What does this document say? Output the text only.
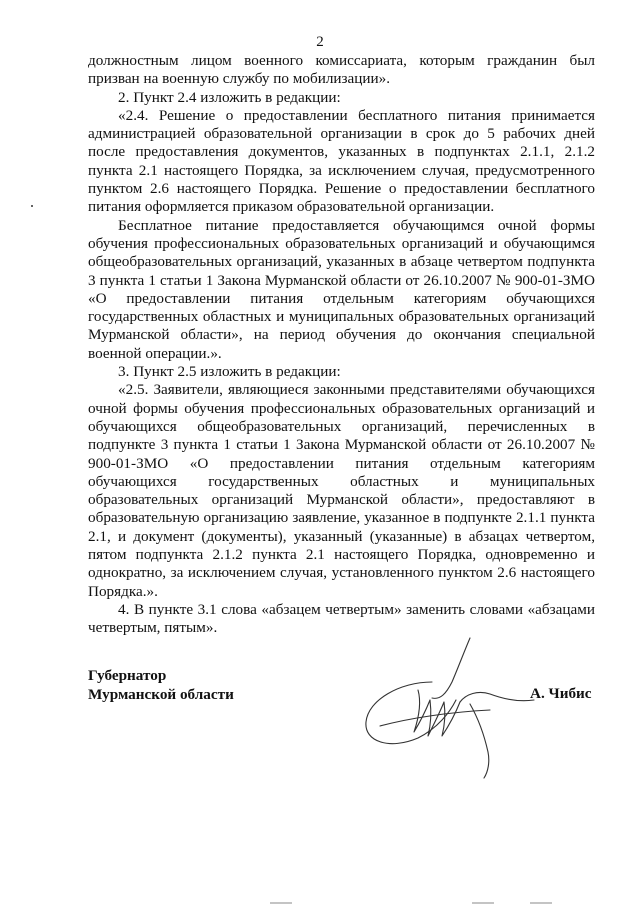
2

должностным лицом военного комиссариата, которым гражданин был призван на военную службу по мобилизации».

2. Пункт 2.4 изложить в редакции:

«2.4. Решение о предоставлении бесплатного питания принимается администрацией образовательной организации в срок до 5 рабочих дней после предоставления документов, указанных в подпунктах 2.1.1, 2.1.2 пункта 2.1 настоящего Порядка, за исключением случая, предусмотренного пунктом 2.6 настоящего Порядка. Решение о предоставлении бесплатного питания оформляется приказом образовательной организации.

Бесплатное питание предоставляется обучающимся очной формы обучения профессиональных образовательных организаций и обучающимся общеобразовательных организаций, указанных в абзаце четвертом подпункта 3 пункта 1 статьи 1 Закона Мурманской области от 26.10.2007 № 900-01-ЗМО «О предоставлении питания отдельным категориям обучающихся государственных областных и муниципальных образовательных организаций Мурманской области», на период обучения до окончания специальной военной операции.».

3. Пункт 2.5 изложить в редакции:

«2.5. Заявители, являющиеся законными представителями обучающихся очной формы обучения профессиональных образовательных организаций и обучающихся общеобразовательных организаций, перечисленных в подпункте 3 пункта 1 статьи 1 Закона Мурманской области от 26.10.2007 № 900-01-ЗМО «О предоставлении питания отдельным категориям обучающихся государственных областных и муниципальных образовательных организаций Мурманской области», предоставляют в образовательную организацию заявление, указанное в подпункте 2.1.1 пункта 2.1, и документ (документы), указанный (указанные) в абзацах четвертом, пятом подпункта 2.1.2 пункта 2.1 настоящего Порядка, одновременно и однократно, за исключением случая, установленного пунктом 2.6 настоящего Порядка.».

4. В пункте 3.1 слова «абзацем четвертым» заменить словами «абзацами четвертым, пятым».

Губернатор
Мурманской области	А. Чибис
